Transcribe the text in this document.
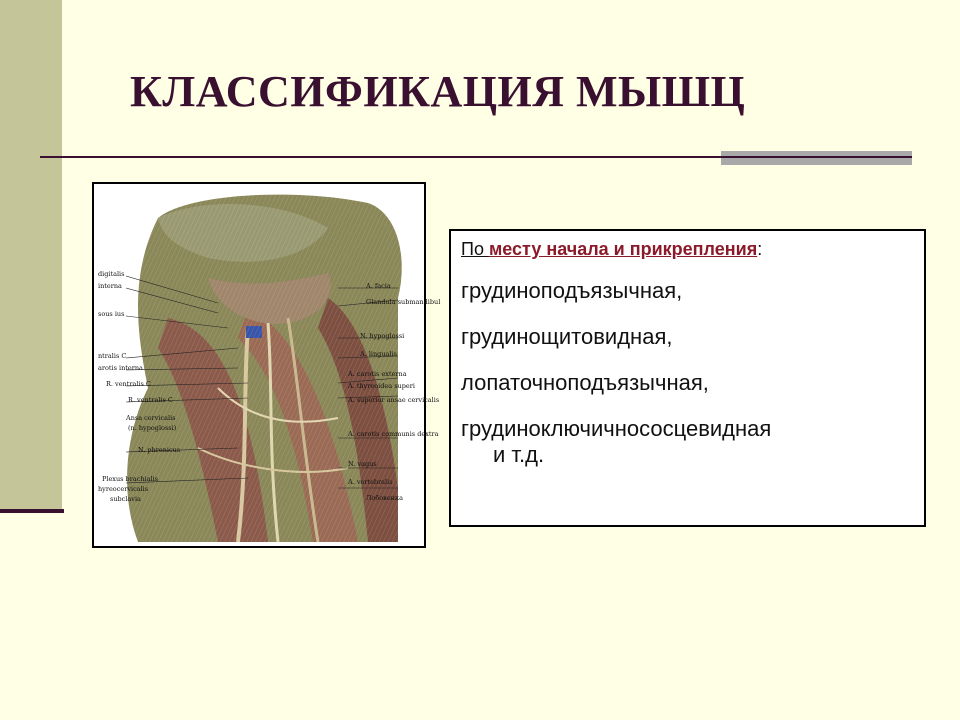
КЛАССИФИКАЦИЯ МЫШЦ
digitalis
interna
sous ius
ntralis C
arotis interna
R. ventralis C
R. ventralis C
Ansa cervicalis
(n. hypoglossi)
N. phrenicus
Plexus brachialis
hyreocervicalis
subclavia
A. facia
Glandula submandibul
N. hypoglossi
A. lingualis
A. carotis externa
A. thyreoidea superi
A. superior ansae cervicalis
A. carotis communis dextra
N. vagus
A. vertebralis
Лобовенка
По месту начала и прикрепления:
грудиноподъязычная,
грудинощитовидная,
лопаточноподъязычная,
грудиноключичнососцевидная
и т.д.
